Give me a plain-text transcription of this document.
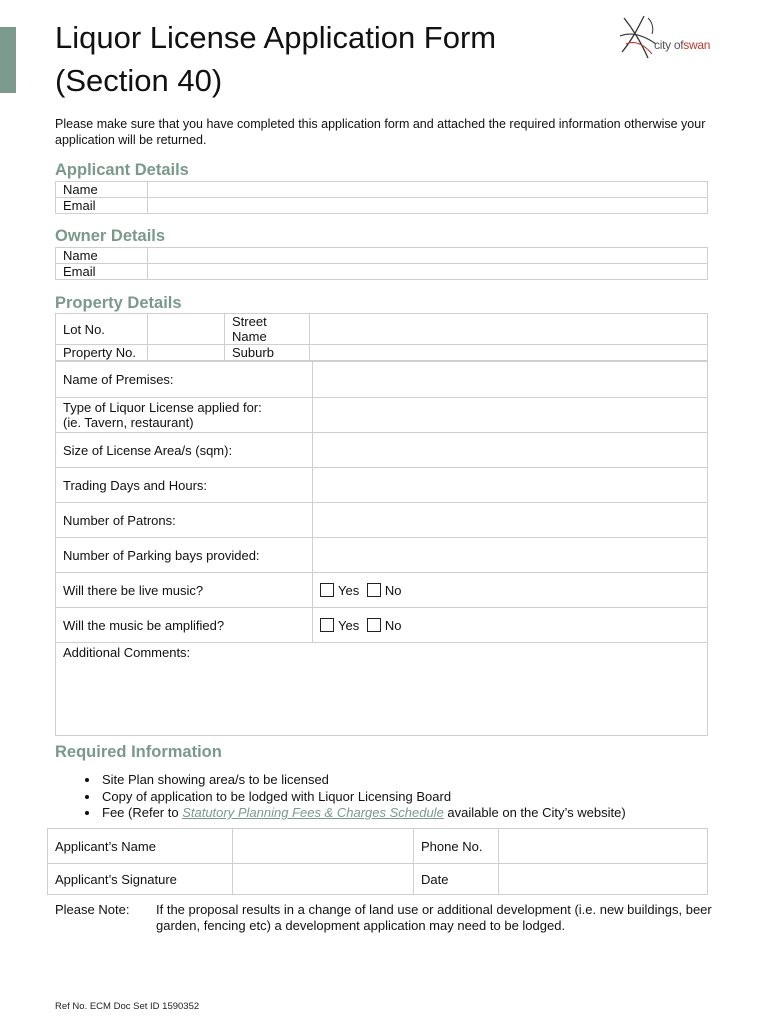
Liquor License Application Form
(Section 40)
city ofswan
Please make sure that you have completed this application form and attached the required information otherwise your application will be returned.
Applicant Details
Name	
Email	
Owner Details
Name	
Email	
Property Details
Lot No.		Street Name	
Property No.		Suburb	
Name of Premises:	
Type of Liquor License applied for:
(ie. Tavern, restaurant)	
Size of License Area/s (sqm):	
Trading Days and Hours:	
Number of Patrons:	
Number of Parking bays provided:	
Will there be live music?	Yes No
Will the music be amplified?	Yes No
Additional Comments:	
Required Information
• Site Plan showing area/s to be licensed
• Copy of application to be lodged with Liquor Licensing Board
• Fee (Refer to Statutory Planning Fees & Charges Schedule available on the City’s website)
Applicant’s Name		Phone No.	
Applicant’s Signature		Date	
Please Note:	If the proposal results in a change of land use or additional development (i.e. new buildings, beer garden, fencing etc) a development application may need to be lodged.
Ref No. ECM Doc Set ID 1590352
